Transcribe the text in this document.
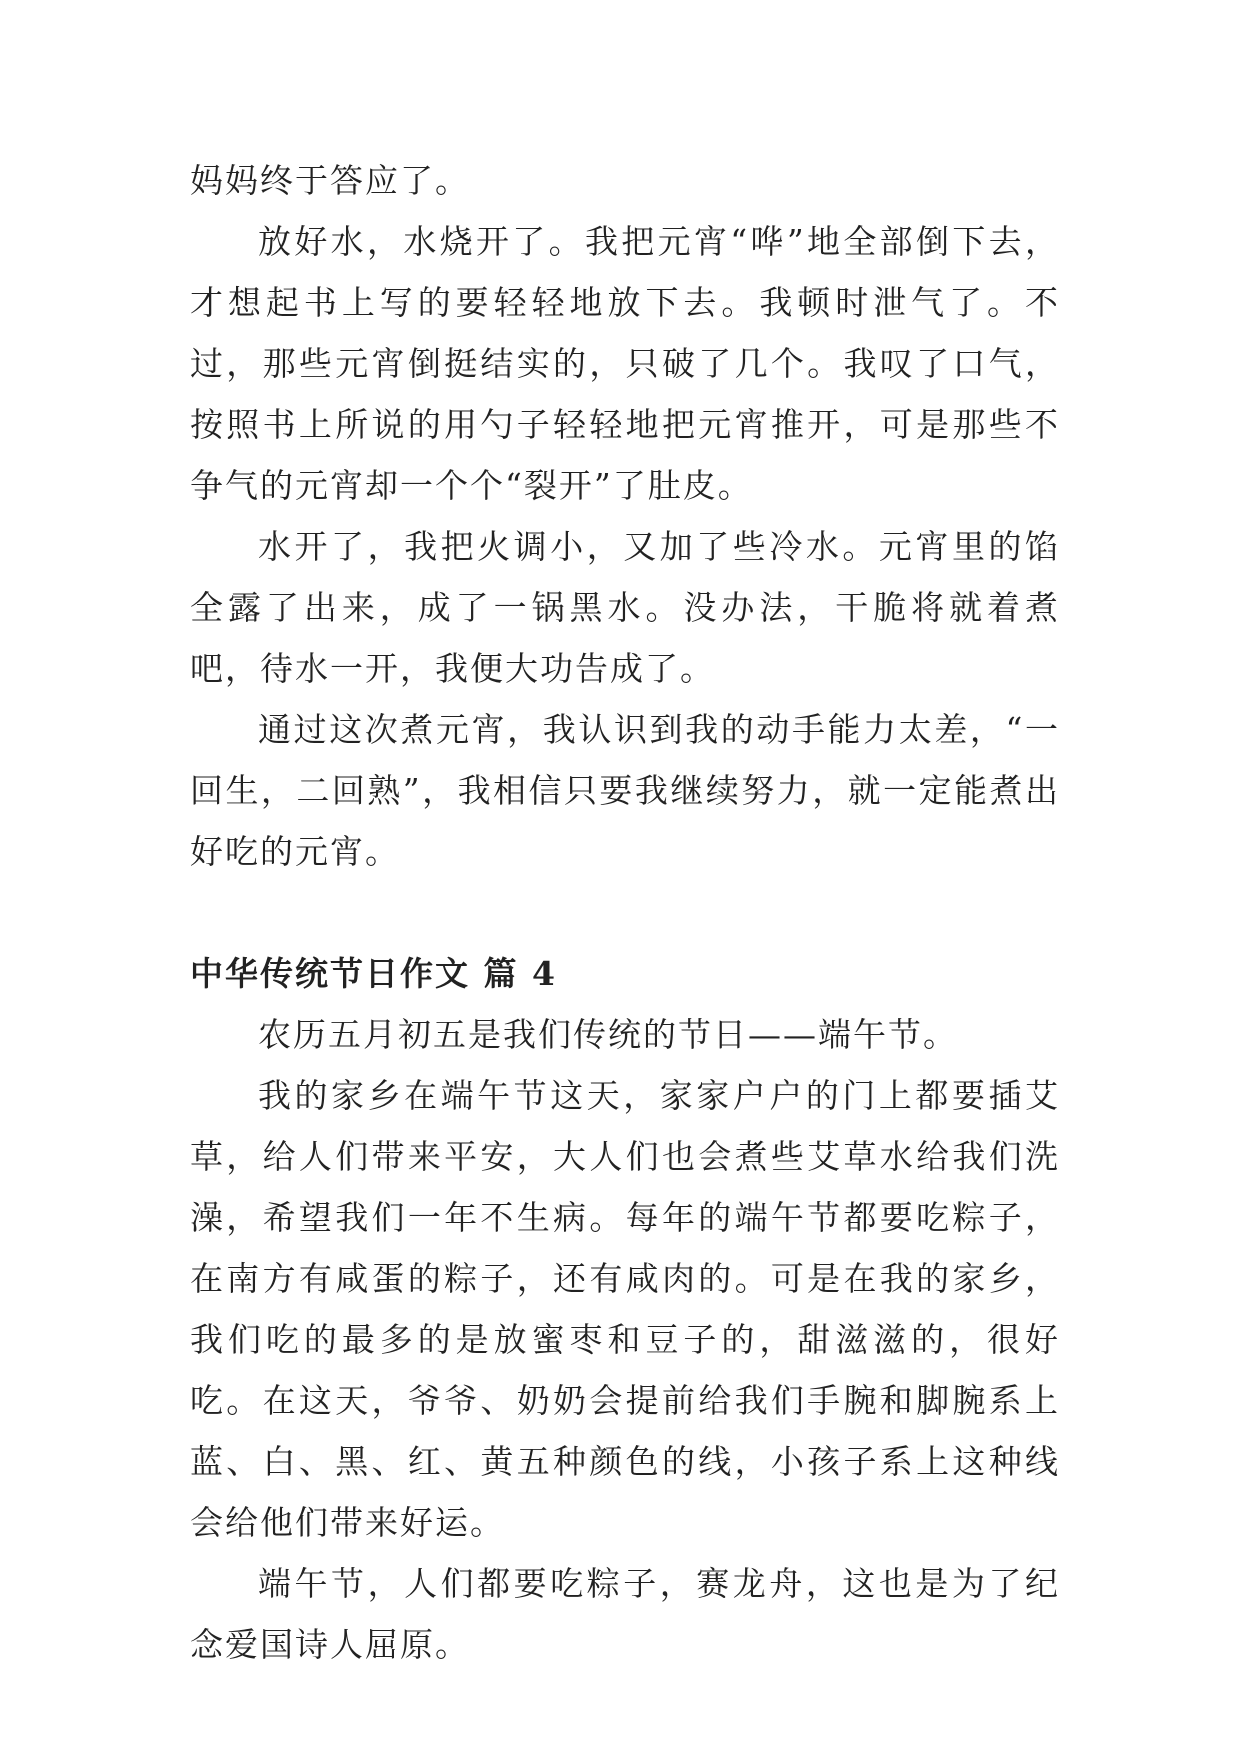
妈妈终于答应了。

放好水，水烧开了。我把元宵“哗”地全部倒下去，才想起书上写的要轻轻地放下去。我顿时泄气了。不过，那些元宵倒挺结实的，只破了几个。我叹了口气，按照书上所说的用勺子轻轻地把元宵推开，可是那些不争气的元宵却一个个“裂开”了肚皮。

水开了，我把火调小，又加了些冷水。元宵里的馅全露了出来，成了一锅黑水。没办法，干脆将就着煮吧，待水一开，我便大功告成了。

通过这次煮元宵，我认识到我的动手能力太差，“一回生，二回熟”，我相信只要我继续努力，就一定能煮出好吃的元宵。

中华传统节日作文 篇 4

农历五月初五是我们传统的节日——端午节。

我的家乡在端午节这天，家家户户的门上都要插艾草，给人们带来平安，大人们也会煮些艾草水给我们洗澡，希望我们一年不生病。每年的端午节都要吃粽子，在南方有咸蛋的粽子，还有咸肉的。可是在我的家乡，我们吃的最多的是放蜜枣和豆子的，甜滋滋的，很好吃。在这天，爷爷、奶奶会提前给我们手腕和脚腕系上蓝、白、黑、红、黄五种颜色的线，小孩子系上这种线会给他们带来好运。

端午节，人们都要吃粽子，赛龙舟，这也是为了纪念爱国诗人屈原。
